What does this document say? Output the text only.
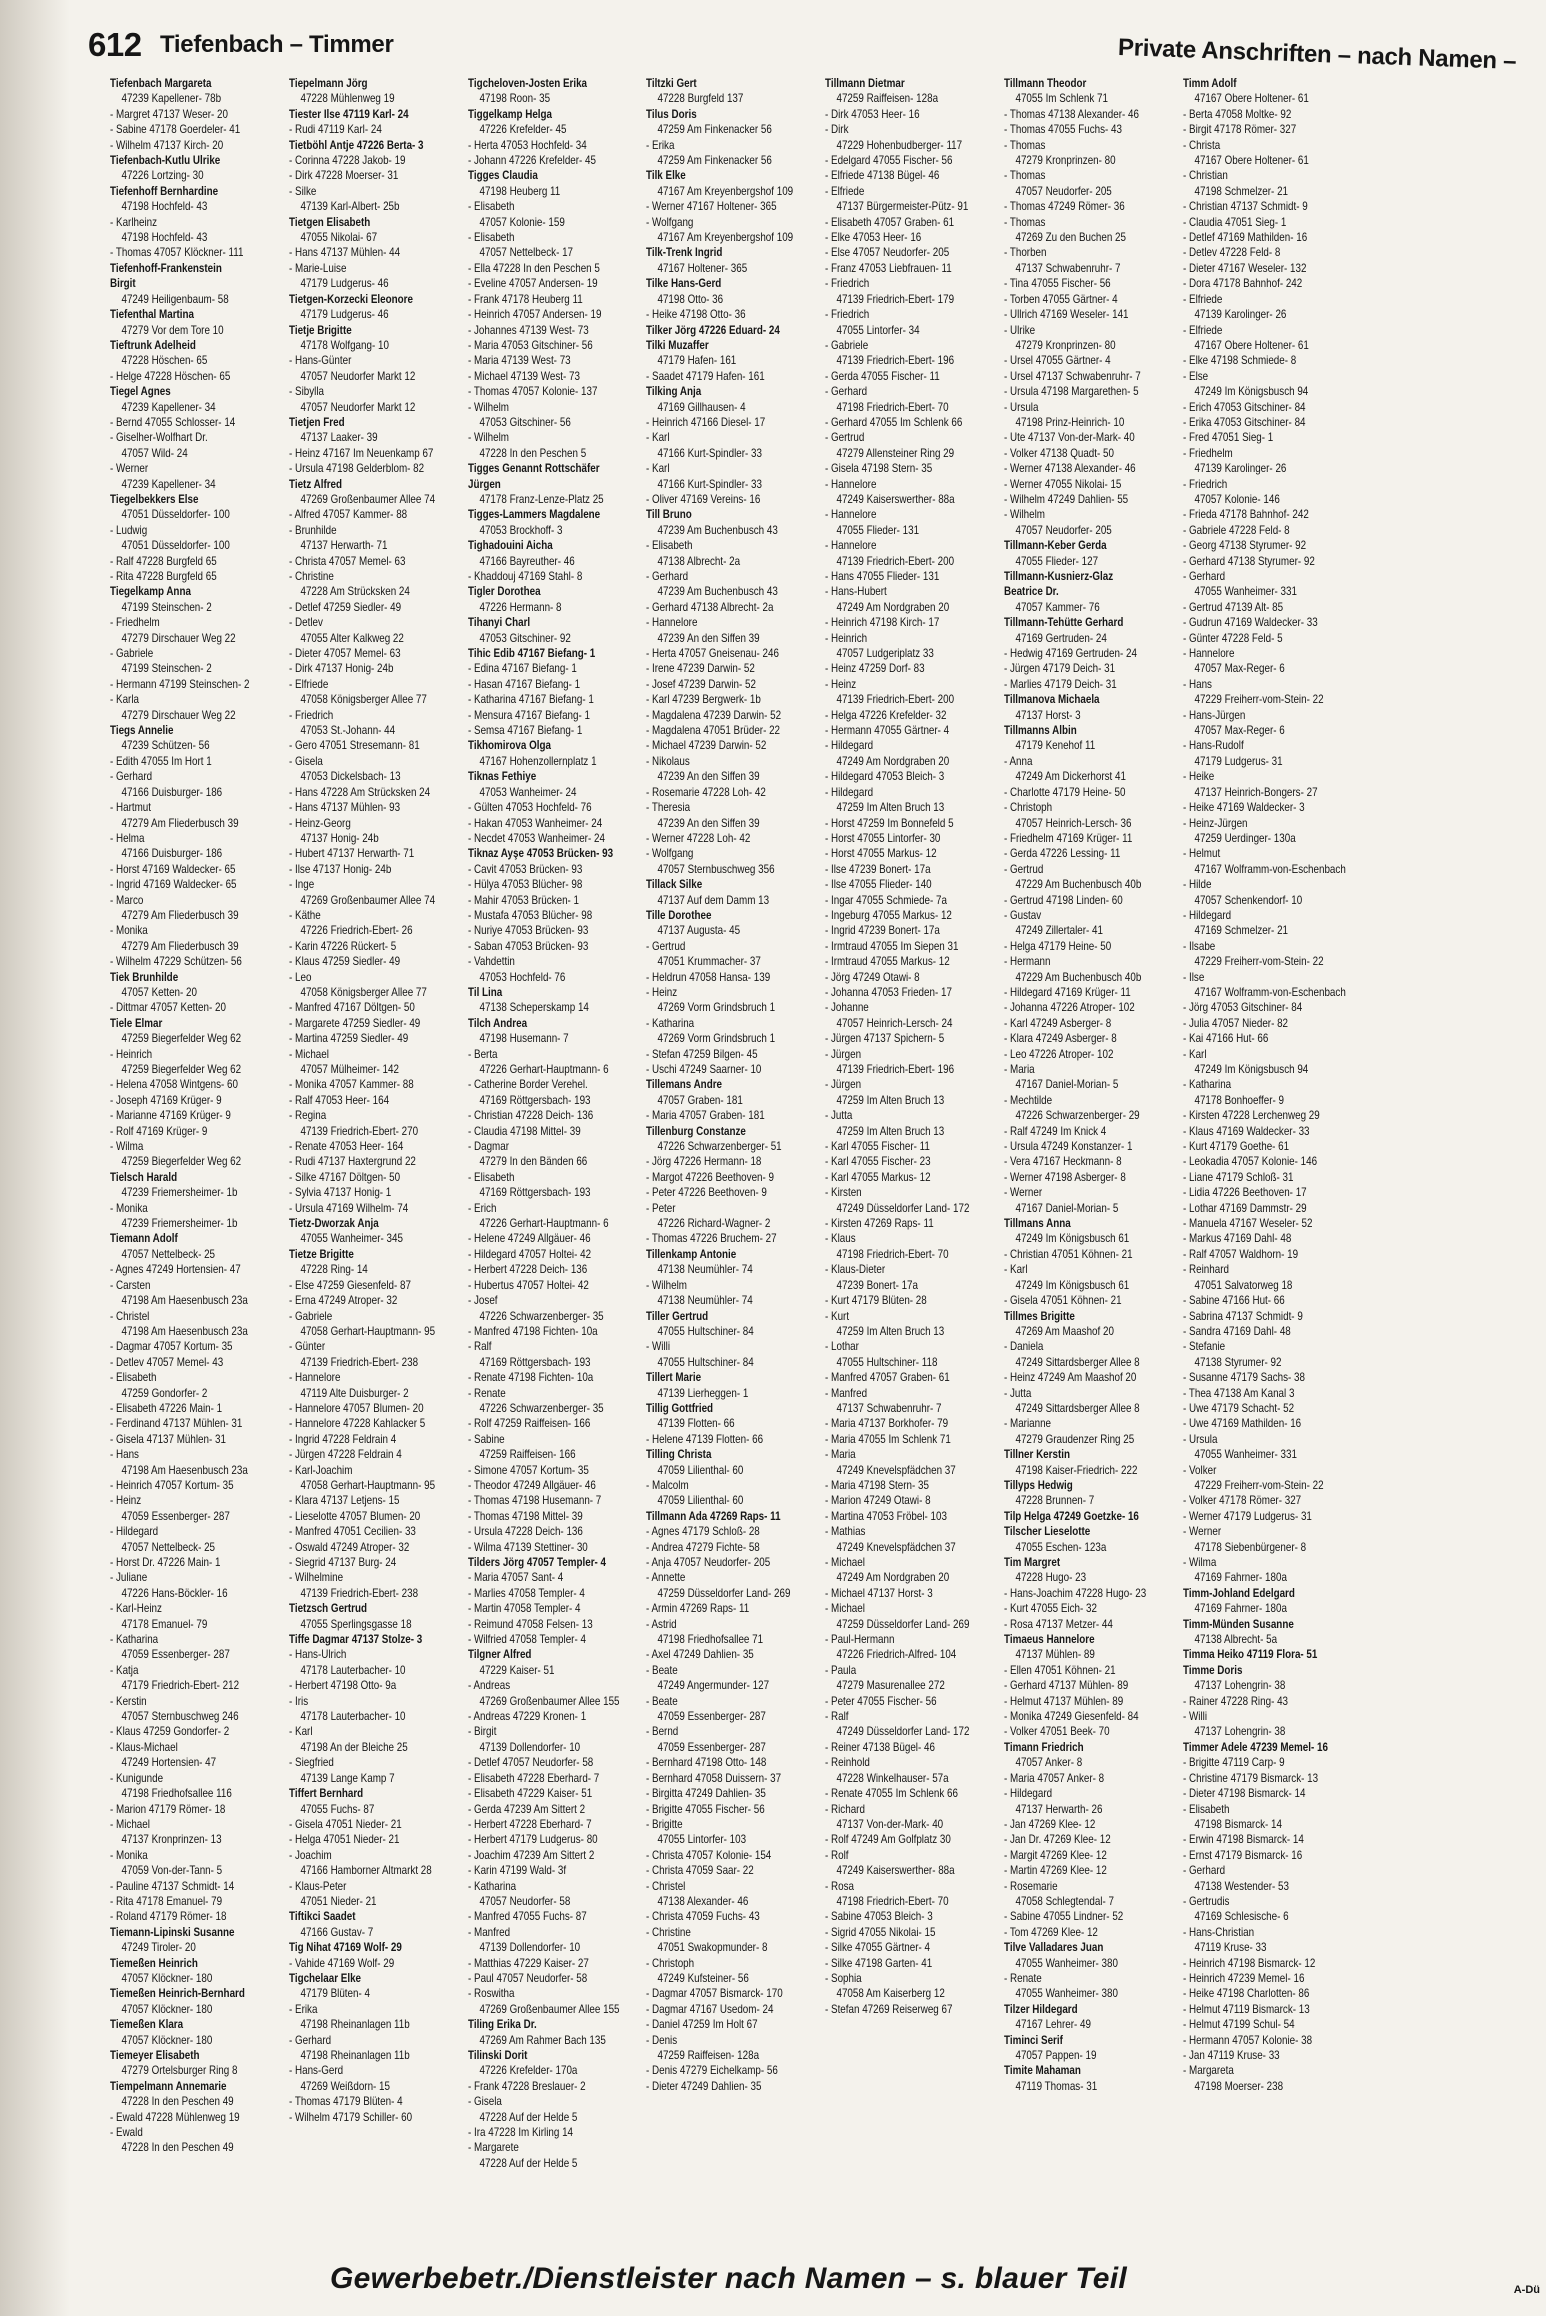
612 Tiefenbach – Timmer	Private Anschriften – nach Namen –
Tiefenbach Margareta
47239 Kapellener- 78b
- Margret 47137 Weser- 20
- Sabine 47178 Goerdeler- 41
- Wilhelm 47137 Kirch- 20
Tiefenbach-Kutlu Ulrike
47226 Lortzing- 30
Tiefenhoff Bernhardine
47198 Hochfeld- 43
- Karlheinz
47198 Hochfeld- 43
- Thomas 47057 Klöckner- 111
Tiefenhoff-Frankenstein
Birgit
47249 Heiligenbaum- 58
Tiefenthal Martina
47279 Vor dem Tore 10
Tieftrunk Adelheid
47228 Höschen- 65
- Helge 47228 Höschen- 65
Tiegel Agnes
47239 Kapellener- 34
- Bernd 47055 Schlosser- 14
- Giselher-Wolfhart Dr.
47057 Wild- 24
- Werner
47239 Kapellener- 34
Tiegelbekkers Else
47051 Düsseldorfer- 100
- Ludwig
47051 Düsseldorfer- 100
- Ralf 47228 Burgfeld 65
- Rita 47228 Burgfeld 65
Tiegelkamp Anna
47199 Steinschen- 2
- Friedhelm
47279 Dirschauer Weg 22
- Gabriele
47199 Steinschen- 2
- Hermann 47199 Steinschen- 2
- Karla
47279 Dirschauer Weg 22
Tiegs Annelie
47239 Schützen- 56
- Edith 47055 Im Hort 1
- Gerhard
47166 Duisburger- 186
- Hartmut
47279 Am Fliederbusch 39
- Helma
47166 Duisburger- 186
- Horst 47169 Waldecker- 65
- Ingrid 47169 Waldecker- 65
- Marco
47279 Am Fliederbusch 39
- Monika
47279 Am Fliederbusch 39
- Wilhelm 47229 Schützen- 56
Tiek Brunhilde
47057 Ketten- 20
- Dittmar 47057 Ketten- 20
Tiele Elmar
47259 Biegerfelder Weg 62
- Heinrich
47259 Biegerfelder Weg 62
- Helena 47058 Wintgens- 60
- Joseph 47169 Krüger- 9
- Marianne 47169 Krüger- 9
- Rolf 47169 Krüger- 9
- Wilma
47259 Biegerfelder Weg 62
Tielsch Harald
47239 Friemersheimer- 1b
- Monika
47239 Friemersheimer- 1b
Tiemann Adolf
47057 Nettelbeck- 25
- Agnes 47249 Hortensien- 47
- Carsten
47198 Am Haesenbusch 23a
- Christel
47198 Am Haesenbusch 23a
- Dagmar 47057 Kortum- 35
- Detlev 47057 Memel- 43
- Elisabeth
47259 Gondorfer- 2
- Elisabeth 47226 Main- 1
- Ferdinand 47137 Mühlen- 31
- Gisela 47137 Mühlen- 31
- Hans
47198 Am Haesenbusch 23a
- Heinrich 47057 Kortum- 35
- Heinz
47059 Essenberger- 287
- Hildegard
47057 Nettelbeck- 25
- Horst Dr. 47226 Main- 1
- Juliane
47226 Hans-Böckler- 16
- Karl-Heinz
47178 Emanuel- 79
- Katharina
47059 Essenberger- 287
- Katja
47179 Friedrich-Ebert- 212
- Kerstin
47057 Sternbuschweg 246
- Klaus 47259 Gondorfer- 2
- Klaus-Michael
47249 Hortensien- 47
- Kunigunde
47198 Friedhofsallee 116
- Marion 47179 Römer- 18
- Michael
47137 Kronprinzen- 13
- Monika
47059 Von-der-Tann- 5
- Pauline 47137 Schmidt- 14
- Rita 47178 Emanuel- 79
- Roland 47179 Römer- 18
Tiemann-Lipinski Susanne
47249 Tiroler- 20
Tiemeßen Heinrich
47057 Klöckner- 180
Tiemeßen Heinrich-Bernhard
47057 Klöckner- 180
Tiemeßen Klara
47057 Klöckner- 180
Tiemeyer Elisabeth
47279 Ortelsburger Ring 8
Tiempelmann Annemarie
47228 In den Peschen 49
- Ewald 47228 Mühlenweg 19
- Ewald
47228 In den Peschen 49
Tiepelmann Jörg
47228 Mühlenweg 19
Tiester Ilse 47119 Karl- 24
- Rudi 47119 Karl- 24
Tietböhl Antje 47226 Berta- 3
- Corinna 47228 Jakob- 19
- Dirk 47228 Moerser- 31
- Silke
47139 Karl-Albert- 25b
Tietgen Elisabeth
47055 Nikolai- 67
- Hans 47137 Mühlen- 44
- Marie-Luise
47179 Ludgerus- 46
Tietgen-Korzecki Eleonore
47179 Ludgerus- 46
Tietje Brigitte
47178 Wolfgang- 10
- Hans-Günter
47057 Neudorfer Markt 12
- Sibylla
47057 Neudorfer Markt 12
Tietjen Fred
47137 Laaker- 39
- Heinz 47167 Im Neuenkamp 67
- Ursula 47198 Gelderblom- 82
Tietz Alfred
47269 Großenbaumer Allee 74
- Alfred 47057 Kammer- 88
- Brunhilde
47137 Herwarth- 71
- Christa 47057 Memel- 63
- Christine
47228 Am Strücksken 24
- Detlef 47259 Siedler- 49
- Detlev
47055 Alter Kalkweg 22
- Dieter 47057 Memel- 63
- Dirk 47137 Honig- 24b
- Elfriede
47058 Königsberger Allee 77
- Friedrich
47053 St.-Johann- 44
- Gero 47051 Stresemann- 81
- Gisela
47053 Dickelsbach- 13
- Hans 47228 Am Strücksken 24
- Hans 47137 Mühlen- 93
- Heinz-Georg
47137 Honig- 24b
- Hubert 47137 Herwarth- 71
- Ilse 47137 Honig- 24b
- Inge
47269 Großenbaumer Allee 74
- Käthe
47226 Friedrich-Ebert- 26
- Karin 47226 Rückert- 5
- Klaus 47259 Siedler- 49
- Leo
47058 Königsberger Allee 77
- Manfred 47167 Döltgen- 50
- Margarete 47259 Siedler- 49
- Martina 47259 Siedler- 49
- Michael
47057 Mülheimer- 142
- Monika 47057 Kammer- 88
- Ralf 47053 Heer- 164
- Regina
47139 Friedrich-Ebert- 270
- Renate 47053 Heer- 164
- Rudi 47137 Haxtergrund 22
- Silke 47167 Döltgen- 50
- Sylvia 47137 Honig- 1
- Ursula 47169 Wilhelm- 74
Tietz-Dworzak Anja
47055 Wanheimer- 345
Tietze Brigitte
47228 Ring- 14
- Else 47259 Giesenfeld- 87
- Erna 47249 Atroper- 32
- Gabriele
47058 Gerhart-Hauptmann- 95
- Günter
47139 Friedrich-Ebert- 238
- Hannelore
47119 Alte Duisburger- 2
- Hannelore 47057 Blumen- 20
- Hannelore 47228 Kahlacker 5
- Ingrid 47228 Feldrain 4
- Jürgen 47228 Feldrain 4
- Karl-Joachim
47058 Gerhart-Hauptmann- 95
- Klara 47137 Letjens- 15
- Lieselotte 47057 Blumen- 20
- Manfred 47051 Cecilien- 33
- Oswald 47249 Atroper- 32
- Siegrid 47137 Burg- 24
- Wilhelmine
47139 Friedrich-Ebert- 238
Tietzsch Gertrud
47055 Sperlingsgasse 18
Tiffe Dagmar 47137 Stolze- 3
- Hans-Ulrich
47178 Lauterbacher- 10
- Herbert 47198 Otto- 9a
- Iris
47178 Lauterbacher- 10
- Karl
47198 An der Bleiche 25
- Siegfried
47139 Lange Kamp 7
Tiffert Bernhard
47055 Fuchs- 87
- Gisela 47051 Nieder- 21
- Helga 47051 Nieder- 21
- Joachim
47166 Hamborner Altmarkt 28
- Klaus-Peter
47051 Nieder- 21
Tiftikci Saadet
47166 Gustav- 7
Tig Nihat 47169 Wolf- 29
- Vahide 47169 Wolf- 29
Tigchelaar Elke
47179 Blüten- 4
- Erika
47198 Rheinanlagen 11b
- Gerhard
47198 Rheinanlagen 11b
- Hans-Gerd
47269 Weißdorn- 15
- Thomas 47179 Blüten- 4
- Wilhelm 47179 Schiller- 60
Tigcheloven-Josten Erika
47198 Roon- 35
Tiggelkamp Helga
47226 Krefelder- 45
- Herta 47053 Hochfeld- 34
- Johann 47226 Krefelder- 45
Tigges Claudia
47198 Heuberg 11
- Elisabeth
47057 Kolonie- 159
- Elisabeth
47057 Nettelbeck- 17
- Ella 47228 In den Peschen 5
- Eveline 47057 Andersen- 19
- Frank 47178 Heuberg 11
- Heinrich 47057 Andersen- 19
- Johannes 47139 West- 73
- Maria 47053 Gitschiner- 56
- Maria 47139 West- 73
- Michael 47139 West- 73
- Thomas 47057 Kolonie- 137
- Wilhelm
47053 Gitschiner- 56
- Wilhelm
47228 In den Peschen 5
Tigges Genannt Rottschäfer
Jürgen
47178 Franz-Lenze-Platz 25
Tigges-Lammers Magdalene
47053 Brockhoff- 3
Tighadouini Aicha
47166 Bayreuther- 46
- Khaddouj 47169 Stahl- 8
Tigler Dorothea
47226 Hermann- 8
Tihanyi Charl
47053 Gitschiner- 92
Tihic Edib 47167 Biefang- 1
- Edina 47167 Biefang- 1
- Hasan 47167 Biefang- 1
- Katharina 47167 Biefang- 1
- Mensura 47167 Biefang- 1
- Semsa 47167 Biefang- 1
Tikhomirova Olga
47167 Hohenzollernplatz 1
Tiknas Fethiye
47053 Wanheimer- 24
- Gülten 47053 Hochfeld- 76
- Hakan 47053 Wanheimer- 24
- Necdet 47053 Wanheimer- 24
Tiknaz Ayşe 47053 Brücken- 93
- Cavit 47053 Brücken- 93
- Hülya 47053 Blücher- 98
- Mahir 47053 Brücken- 1
- Mustafa 47053 Blücher- 98
- Nuriye 47053 Brücken- 93
- Saban 47053 Brücken- 93
- Vahdettin
47053 Hochfeld- 76
Til Lina
47138 Scheperskamp 14
Tilch Andrea
47198 Husemann- 7
- Berta
47226 Gerhart-Hauptmann- 6
- Catherine Border Verehel.
47169 Röttgersbach- 193
- Christian 47228 Deich- 136
- Claudia 47198 Mittel- 39
- Dagmar
47279 In den Bänden 66
- Elisabeth
47169 Röttgersbach- 193
- Erich
47226 Gerhart-Hauptmann- 6
- Helene 47249 Allgäuer- 46
- Hildegard 47057 Holtei- 42
- Herbert 47228 Deich- 136
- Hubertus 47057 Holtei- 42
- Josef
47226 Schwarzenberger- 35
- Manfred 47198 Fichten- 10a
- Ralf
47169 Röttgersbach- 193
- Renate 47198 Fichten- 10a
- Renate
47226 Schwarzenberger- 35
- Rolf 47259 Raiffeisen- 166
- Sabine
47259 Raiffeisen- 166
- Simone 47057 Kortum- 35
- Theodor 47249 Allgäuer- 46
- Thomas 47198 Husemann- 7
- Thomas 47198 Mittel- 39
- Ursula 47228 Deich- 136
- Wilma 47139 Stettiner- 30
Tilders Jörg 47057 Templer- 4
- Maria 47057 Sant- 4
- Marlies 47058 Templer- 4
- Martin 47058 Templer- 4
- Reimund 47058 Felsen- 13
- Wilfried 47058 Templer- 4
Tilgner Alfred
47229 Kaiser- 51
- Andreas
47269 Großenbaumer Allee 155
- Andreas 47229 Kronen- 1
- Birgit
47139 Dollendorfer- 10
- Detlef 47057 Neudorfer- 58
- Elisabeth 47228 Eberhard- 7
- Elisabeth 47229 Kaiser- 51
- Gerda 47239 Am Sittert 2
- Herbert 47228 Eberhard- 7
- Herbert 47179 Ludgerus- 80
- Joachim 47239 Am Sittert 2
- Karin 47199 Wald- 3f
- Katharina
47057 Neudorfer- 58
- Manfred 47055 Fuchs- 87
- Manfred
47139 Dollendorfer- 10
- Matthias 47229 Kaiser- 27
- Paul 47057 Neudorfer- 58
- Roswitha
47269 Großenbaumer Allee 155
Tiling Erika Dr.
47269 Am Rahmer Bach 135
Tilinski Dorit
47226 Krefelder- 170a
- Frank 47228 Breslauer- 2
- Gisela
47228 Auf der Helde 5
- Ira 47228 Im Kirling 14
- Margarete
47228 Auf der Helde 5
Tiltzki Gert
47228 Burgfeld 137
Tilus Doris
47259 Am Finkenacker 56
- Erika
47259 Am Finkenacker 56
Tilk Elke
47167 Am Kreyenbergshof 109
- Werner 47167 Holtener- 365
- Wolfgang
47167 Am Kreyenbergshof 109
Tilk-Trenk Ingrid
47167 Holtener- 365
Tilke Hans-Gerd
47198 Otto- 36
- Heike 47198 Otto- 36
Tilker Jörg 47226 Eduard- 24
Tilki Muzaffer
47179 Hafen- 161
- Saadet 47179 Hafen- 161
Tilking Anja
47169 Gillhausen- 4
- Heinrich 47166 Diesel- 17
- Karl
47166 Kurt-Spindler- 33
- Karl
47166 Kurt-Spindler- 33
- Oliver 47169 Vereins- 16
Till Bruno
47239 Am Buchenbusch 43
- Elisabeth
47138 Albrecht- 2a
- Gerhard
47239 Am Buchenbusch 43
- Gerhard 47138 Albrecht- 2a
- Hannelore
47239 An den Siffen 39
- Herta 47057 Gneisenau- 246
- Irene 47239 Darwin- 52
- Josef 47239 Darwin- 52
- Karl 47239 Bergwerk- 1b
- Magdalena 47239 Darwin- 52
- Magdalena 47051 Brüder- 22
- Michael 47239 Darwin- 52
- Nikolaus
47239 An den Siffen 39
- Rosemarie 47228 Loh- 42
- Theresia
47239 An den Siffen 39
- Werner 47228 Loh- 42
- Wolfgang
47057 Sternbuschweg 356
Tillack Silke
47137 Auf dem Damm 13
Tille Dorothee
47137 Augusta- 45
- Gertrud
47051 Krummacher- 37
- Heldrun 47058 Hansa- 139
- Heinz
47269 Vorm Grindsbruch 1
- Katharina
47269 Vorm Grindsbruch 1
- Stefan 47259 Bilgen- 45
- Uschi 47249 Saarner- 10
Tillemans Andre
47057 Graben- 181
- Maria 47057 Graben- 181
Tillenburg Constanze
47226 Schwarzenberger- 51
- Jörg 47226 Hermann- 18
- Margot 47226 Beethoven- 9
- Peter 47226 Beethoven- 9
- Peter
47226 Richard-Wagner- 2
- Thomas 47226 Bruchem- 27
Tillenkamp Antonie
47138 Neumühler- 74
- Wilhelm
47138 Neumühler- 74
Tiller Gertrud
47055 Hultschiner- 84
- Willi
47055 Hultschiner- 84
Tillert Marie
47139 Lierheggen- 1
Tillig Gottfried
47139 Flotten- 66
- Helene 47139 Flotten- 66
Tilling Christa
47059 Lilienthal- 60
- Malcolm
47059 Lilienthal- 60
Tillmann Ada 47269 Raps- 11
- Agnes 47179 Schloß- 28
- Andrea 47279 Fichte- 58
- Anja 47057 Neudorfer- 205
- Annette
47259 Düsseldorfer Land- 269
- Armin 47269 Raps- 11
- Astrid
47198 Friedhofsallee 71
- Axel 47249 Dahlien- 35
- Beate
47249 Angermunder- 127
- Beate
47059 Essenberger- 287
- Bernd
47059 Essenberger- 287
- Bernhard 47198 Otto- 148
- Bernhard 47058 Duissern- 37
- Birgitta 47249 Dahlien- 35
- Brigitte 47055 Fischer- 56
- Brigitte
47055 Lintorfer- 103
- Christa 47057 Kolonie- 154
- Christa 47059 Saar- 22
- Christel
47138 Alexander- 46
- Christa 47059 Fuchs- 43
- Christine
47051 Swakopmunder- 8
- Christoph
47249 Kufsteiner- 56
- Dagmar 47057 Bismarck- 170
- Dagmar 47167 Usedom- 24
- Daniel 47259 Im Holt 67
- Denis
47259 Raiffeisen- 128a
- Denis 47279 Eichelkamp- 56
- Dieter 47249 Dahlien- 35
Tillmann Dietmar
47259 Raiffeisen- 128a
- Dirk 47053 Heer- 16
- Dirk
47229 Hohenbudberger- 117
- Edelgard 47055 Fischer- 56
- Elfriede 47138 Bügel- 46
- Elfriede
47137 Bürgermeister-Pütz- 91
- Elisabeth 47057 Graben- 61
- Elke 47053 Heer- 16
- Else 47057 Neudorfer- 205
- Franz 47053 Liebfrauen- 11
- Friedrich
47139 Friedrich-Ebert- 179
- Friedrich
47055 Lintorfer- 34
- Gabriele
47139 Friedrich-Ebert- 196
- Gerda 47055 Fischer- 11
- Gerhard
47198 Friedrich-Ebert- 70
- Gerhard 47055 Im Schlenk 66
- Gertrud
47279 Allensteiner Ring 29
- Gisela 47198 Stern- 35
- Hannelore
47249 Kaiserswerther- 88a
- Hannelore
47055 Flieder- 131
- Hannelore
47139 Friedrich-Ebert- 200
- Hans 47055 Flieder- 131
- Hans-Hubert
47249 Am Nordgraben 20
- Heinrich 47198 Kirch- 17
- Heinrich
47057 Ludgeriplatz 33
- Heinz 47259 Dorf- 83
- Heinz
47139 Friedrich-Ebert- 200
- Helga 47226 Krefelder- 32
- Hermann 47055 Gärtner- 4
- Hildegard
47249 Am Nordgraben 20
- Hildegard 47053 Bleich- 3
- Hildegard
47259 Im Alten Bruch 13
- Horst 47259 Im Bonnefeld 5
- Horst 47055 Lintorfer- 30
- Horst 47055 Markus- 12
- Ilse 47239 Bonert- 17a
- Ilse 47055 Flieder- 140
- Ingar 47055 Schmiede- 7a
- Ingeburg 47055 Markus- 12
- Ingrid 47239 Bonert- 17a
- Irmtraud 47055 Im Siepen 31
- Irmtraud 47055 Markus- 12
- Jörg 47249 Otawi- 8
- Johanna 47053 Frieden- 17
- Johanne
47057 Heinrich-Lersch- 24
- Jürgen 47137 Spichern- 5
- Jürgen
47139 Friedrich-Ebert- 196
- Jürgen
47259 Im Alten Bruch 13
- Jutta
47259 Im Alten Bruch 13
- Karl 47055 Fischer- 11
- Karl 47055 Fischer- 23
- Karl 47055 Markus- 12
- Kirsten
47249 Düsseldorfer Land- 172
- Kirsten 47269 Raps- 11
- Klaus
47198 Friedrich-Ebert- 70
- Klaus-Dieter
47239 Bonert- 17a
- Kurt 47179 Blüten- 28
- Kurt
47259 Im Alten Bruch 13
- Lothar
47055 Hultschiner- 118
- Manfred 47057 Graben- 61
- Manfred
47137 Schwabenruhr- 7
- Maria 47137 Borkhofer- 79
- Maria 47055 Im Schlenk 71
- Maria
47249 Knevelspfädchen 37
- Maria 47198 Stern- 35
- Marion 47249 Otawi- 8
- Martina 47053 Fröbel- 103
- Mathias
47249 Knevelspfädchen 37
- Michael
47249 Am Nordgraben 20
- Michael 47137 Horst- 3
- Michael
47259 Düsseldorfer Land- 269
- Paul-Hermann
47226 Friedrich-Alfred- 104
- Paula
47279 Masurenallee 272
- Peter 47055 Fischer- 56
- Ralf
47249 Düsseldorfer Land- 172
- Reiner 47138 Bügel- 46
- Reinhold
47228 Winkelhauser- 57a
- Renate 47055 Im Schlenk 66
- Richard
47137 Von-der-Mark- 40
- Rolf 47249 Am Golfplatz 30
- Rolf
47249 Kaiserswerther- 88a
- Rosa
47198 Friedrich-Ebert- 70
- Sabine 47053 Bleich- 3
- Sigrid 47055 Nikolai- 15
- Silke 47055 Gärtner- 4
- Silke 47198 Garten- 41
- Sophia
47058 Am Kaiserberg 12
- Stefan 47269 Reiserweg 67
Tillmann Theodor
47055 Im Schlenk 71
- Thomas 47138 Alexander- 46
- Thomas 47055 Fuchs- 43
- Thomas
47279 Kronprinzen- 80
- Thomas
47057 Neudorfer- 205
- Thomas 47249 Römer- 36
- Thomas
47269 Zu den Buchen 25
- Thorben
47137 Schwabenruhr- 7
- Tina 47055 Fischer- 56
- Torben 47055 Gärtner- 4
- Ullrich 47169 Weseler- 141
- Ulrike
47279 Kronprinzen- 80
- Ursel 47055 Gärtner- 4
- Ursel 47137 Schwabenruhr- 7
- Ursula 47198 Margarethen- 5
- Ursula
47198 Prinz-Heinrich- 10
- Ute 47137 Von-der-Mark- 40
- Volker 47138 Quadt- 50
- Werner 47138 Alexander- 46
- Werner 47055 Nikolai- 15
- Wilhelm 47249 Dahlien- 55
- Wilhelm
47057 Neudorfer- 205
Tillmann-Keber Gerda
47055 Flieder- 127
Tillmann-Kusnierz-Glaz
Beatrice Dr.
47057 Kammer- 76
Tillmann-Tehütte Gerhard
47169 Gertruden- 24
- Hedwig 47169 Gertruden- 24
- Jürgen 47179 Deich- 31
- Marlies 47179 Deich- 31
Tillmanova Michaela
47137 Horst- 3
Tillmanns Albin
47179 Kenehof 11
- Anna
47249 Am Dickerhorst 41
- Charlotte 47179 Heine- 50
- Christoph
47057 Heinrich-Lersch- 36
- Friedhelm 47169 Krüger- 11
- Gerda 47226 Lessing- 11
- Gertrud
47229 Am Buchenbusch 40b
- Gertrud 47198 Linden- 60
- Gustav
47249 Zillertaler- 41
- Helga 47179 Heine- 50
- Hermann
47229 Am Buchenbusch 40b
- Hildegard 47169 Krüger- 11
- Johanna 47226 Atroper- 102
- Karl 47249 Asberger- 8
- Klara 47249 Asberger- 8
- Leo 47226 Atroper- 102
- Maria
47167 Daniel-Morian- 5
- Mechtilde
47226 Schwarzenberger- 29
- Ralf 47249 Im Knick 4
- Ursula 47249 Konstanzer- 1
- Vera 47167 Heckmann- 8
- Werner 47198 Asberger- 8
- Werner
47167 Daniel-Morian- 5
Tillmans Anna
47249 Im Königsbusch 61
- Christian 47051 Köhnen- 21
- Karl
47249 Im Königsbusch 61
- Gisela 47051 Köhnen- 21
Tillmes Brigitte
47269 Am Maashof 20
- Daniela
47249 Sittardsberger Allee 8
- Heinz 47249 Am Maashof 20
- Jutta
47249 Sittardsberger Allee 8
- Marianne
47279 Graudenzer Ring 25
Tillner Kerstin
47198 Kaiser-Friedrich- 222
Tillyps Hedwig
47228 Brunnen- 7
Tilp Helga 47249 Goetzke- 16
Tilscher Lieselotte
47055 Eschen- 123a
Tim Margret
47228 Hugo- 23
- Hans-Joachim 47228 Hugo- 23
- Kurt 47055 Eich- 32
- Rosa 47137 Metzer- 44
Timaeus Hannelore
47137 Mühlen- 89
- Ellen 47051 Köhnen- 21
- Gerhard 47137 Mühlen- 89
- Helmut 47137 Mühlen- 89
- Monika 47249 Giesenfeld- 84
- Volker 47051 Beek- 70
Timann Friedrich
47057 Anker- 8
- Maria 47057 Anker- 8
- Hildegard
47137 Herwarth- 26
- Jan 47269 Klee- 12
- Jan Dr. 47269 Klee- 12
- Margit 47269 Klee- 12
- Martin 47269 Klee- 12
- Rosemarie
47058 Schlegtendal- 7
- Sabine 47055 Lindner- 52
- Tom 47269 Klee- 12
Tilve Valladares Juan
47055 Wanheimer- 380
- Renate
47055 Wanheimer- 380
Tilzer Hildegard
47167 Lehrer- 49
Timinci Serif
47057 Pappen- 19
Timite Mahaman
47119 Thomas- 31
Timm Adolf
47167 Obere Holtener- 61
- Berta 47058 Moltke- 92
- Birgit 47178 Römer- 327
- Christa
47167 Obere Holtener- 61
- Christian
47198 Schmelzer- 21
- Christian 47137 Schmidt- 9
- Claudia 47051 Sieg- 1
- Detlef 47169 Mathilden- 16
- Detlev 47228 Feld- 8
- Dieter 47167 Weseler- 132
- Dora 47178 Bahnhof- 242
- Elfriede
47139 Karolinger- 26
- Elfriede
47167 Obere Holtener- 61
- Elke 47198 Schmiede- 8
- Else
47249 Im Königsbusch 94
- Erich 47053 Gitschiner- 84
- Erika 47053 Gitschiner- 84
- Fred 47051 Sieg- 1
- Friedhelm
47139 Karolinger- 26
- Friedrich
47057 Kolonie- 146
- Frieda 47178 Bahnhof- 242
- Gabriele 47228 Feld- 8
- Georg 47138 Styrumer- 92
- Gerhard 47138 Styrumer- 92
- Gerhard
47055 Wanheimer- 331
- Gertrud 47139 Alt- 85
- Gudrun 47169 Waldecker- 33
- Günter 47228 Feld- 5
- Hannelore
47057 Max-Reger- 6
- Hans
47229 Freiherr-vom-Stein- 22
- Hans-Jürgen
47057 Max-Reger- 6
- Hans-Rudolf
47179 Ludgerus- 31
- Heike
47137 Heinrich-Bongers- 27
- Heike 47169 Waldecker- 3
- Heinz-Jürgen
47259 Uerdinger- 130a
- Helmut
47167 Wolframm-von-Eschenbach
- Hilde
47057 Schenkendorf- 10
- Hildegard
47169 Schmelzer- 21
- Ilsabe
47229 Freiherr-vom-Stein- 22
- Ilse
47167 Wolframm-von-Eschenbach
- Jörg 47053 Gitschiner- 84
- Julia 47057 Nieder- 82
- Kai 47166 Hut- 66
- Karl
47249 Im Königsbusch 94
- Katharina
47178 Bonhoeffer- 9
- Kirsten 47228 Lerchenweg 29
- Klaus 47169 Waldecker- 33
- Kurt 47179 Goethe- 61
- Leokadia 47057 Kolonie- 146
- Liane 47179 Schloß- 31
- Lidia 47226 Beethoven- 17
- Lothar 47169 Dammstr- 29
- Manuela 47167 Weseler- 52
- Markus 47169 Dahl- 48
- Ralf 47057 Waldhorn- 19
- Reinhard
47051 Salvatorweg 18
- Sabine 47166 Hut- 66
- Sabrina 47137 Schmidt- 9
- Sandra 47169 Dahl- 48
- Stefanie
47138 Styrumer- 92
- Susanne 47179 Sachs- 38
- Thea 47138 Am Kanal 3
- Uwe 47179 Schacht- 52
- Uwe 47169 Mathilden- 16
- Ursula
47055 Wanheimer- 331
- Volker
47229 Freiherr-vom-Stein- 22
- Volker 47178 Römer- 327
- Werner 47179 Ludgerus- 31
- Werner
47178 Siebenbürgener- 8
- Wilma
47169 Fahrner- 180a
Timm-Johland Edelgard
47169 Fahrner- 180a
Timm-Münden Susanne
47138 Albrecht- 5a
Timma Heiko 47119 Flora- 51
Timme Doris
47137 Lohengrin- 38
- Rainer 47228 Ring- 43
- Willi
47137 Lohengrin- 38
Timmer Adele 47239 Memel- 16
- Brigitte 47119 Carp- 9
- Christine 47179 Bismarck- 13
- Dieter 47198 Bismarck- 14
- Elisabeth
47198 Bismarck- 14
- Erwin 47198 Bismarck- 14
- Ernst 47179 Bismarck- 16
- Gerhard
47138 Westender- 53
- Gertrudis
47169 Schlesische- 6
- Hans-Christian
47119 Kruse- 33
- Heinrich 47198 Bismarck- 12
- Heinrich 47239 Memel- 16
- Heike 47198 Charlotten- 86
- Helmut 47119 Bismarck- 13
- Helmut 47199 Schul- 54
- Hermann 47057 Kolonie- 38
- Jan 47119 Kruse- 33
- Margareta
47198 Moerser- 238
Gewerbebetr./Dienstleister nach Namen – s. blauer Teil	A-Dü
